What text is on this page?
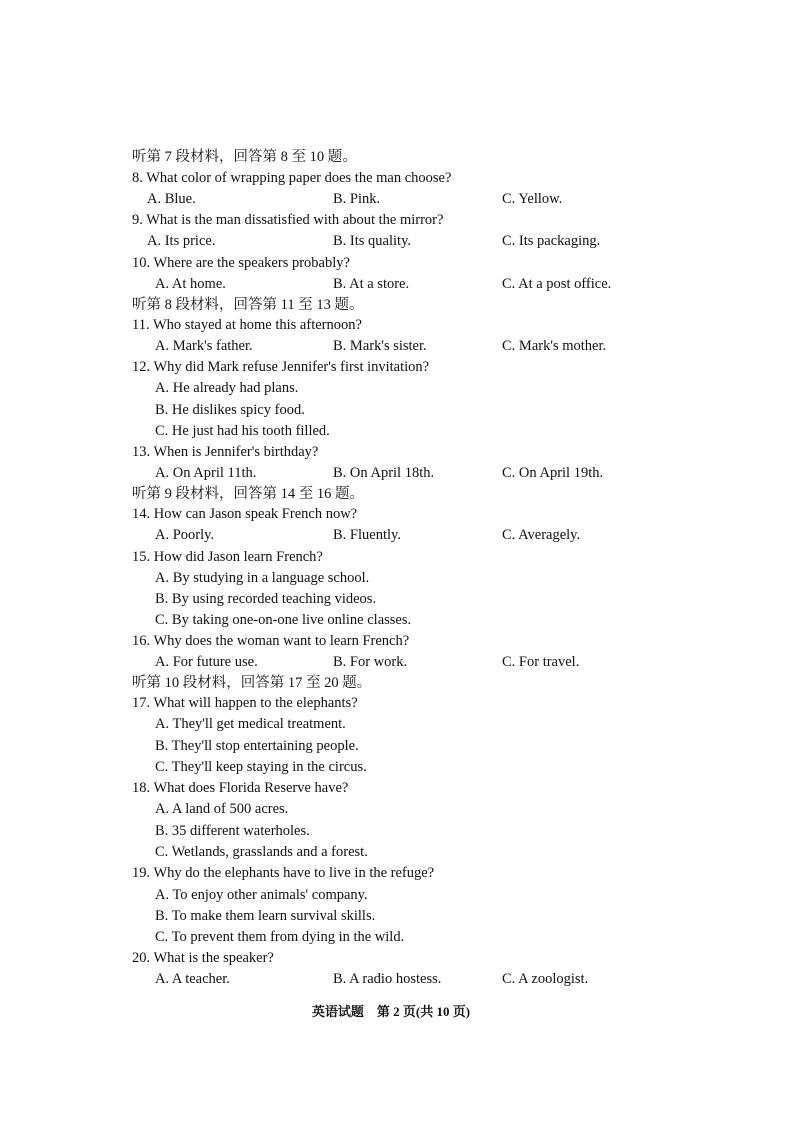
听第 7 段材料，回答第 8 至 10 题。
8. What color of wrapping paper does the man choose?
A. Blue.	B. Pink.	C. Yellow.
9. What is the man dissatisfied with about the mirror?
A. Its price.	B. Its quality.	C. Its packaging.
10. Where are the speakers probably?
A. At home.	B. At a store.	C. At a post office.
听第 8 段材料，回答第 11 至 13 题。
11. Who stayed at home this afternoon?
A. Mark's father.	B. Mark's sister.	C. Mark's mother.
12. Why did Mark refuse Jennifer's first invitation?
A. He already had plans.
B. He dislikes spicy food.
C. He just had his tooth filled.
13. When is Jennifer's birthday?
A. On April 11th.	B. On April 18th.	C. On April 19th.
听第 9 段材料，回答第 14 至 16 题。
14. How can Jason speak French now?
A. Poorly.	B. Fluently.	C. Averagely.
15. How did Jason learn French?
A. By studying in a language school.
B. By using recorded teaching videos.
C. By taking one-on-one live online classes.
16. Why does the woman want to learn French?
A. For future use.	B. For work.	C. For travel.
听第 10 段材料，回答第 17 至 20 题。
17. What will happen to the elephants?
A. They'll get medical treatment.
B. They'll stop entertaining people.
C. They'll keep staying in the circus.
18. What does Florida Reserve have?
A. A land of 500 acres.
B. 35 different waterholes.
C. Wetlands, grasslands and a forest.
19. Why do the elephants have to live in the refuge?
A. To enjoy other animals' company.
B. To make them learn survival skills.
C. To prevent them from dying in the wild.
20. What is the speaker?
A. A teacher.	B. A radio hostess.	C. A zoologist.
英语试题　第 2 页(共 10 页)
